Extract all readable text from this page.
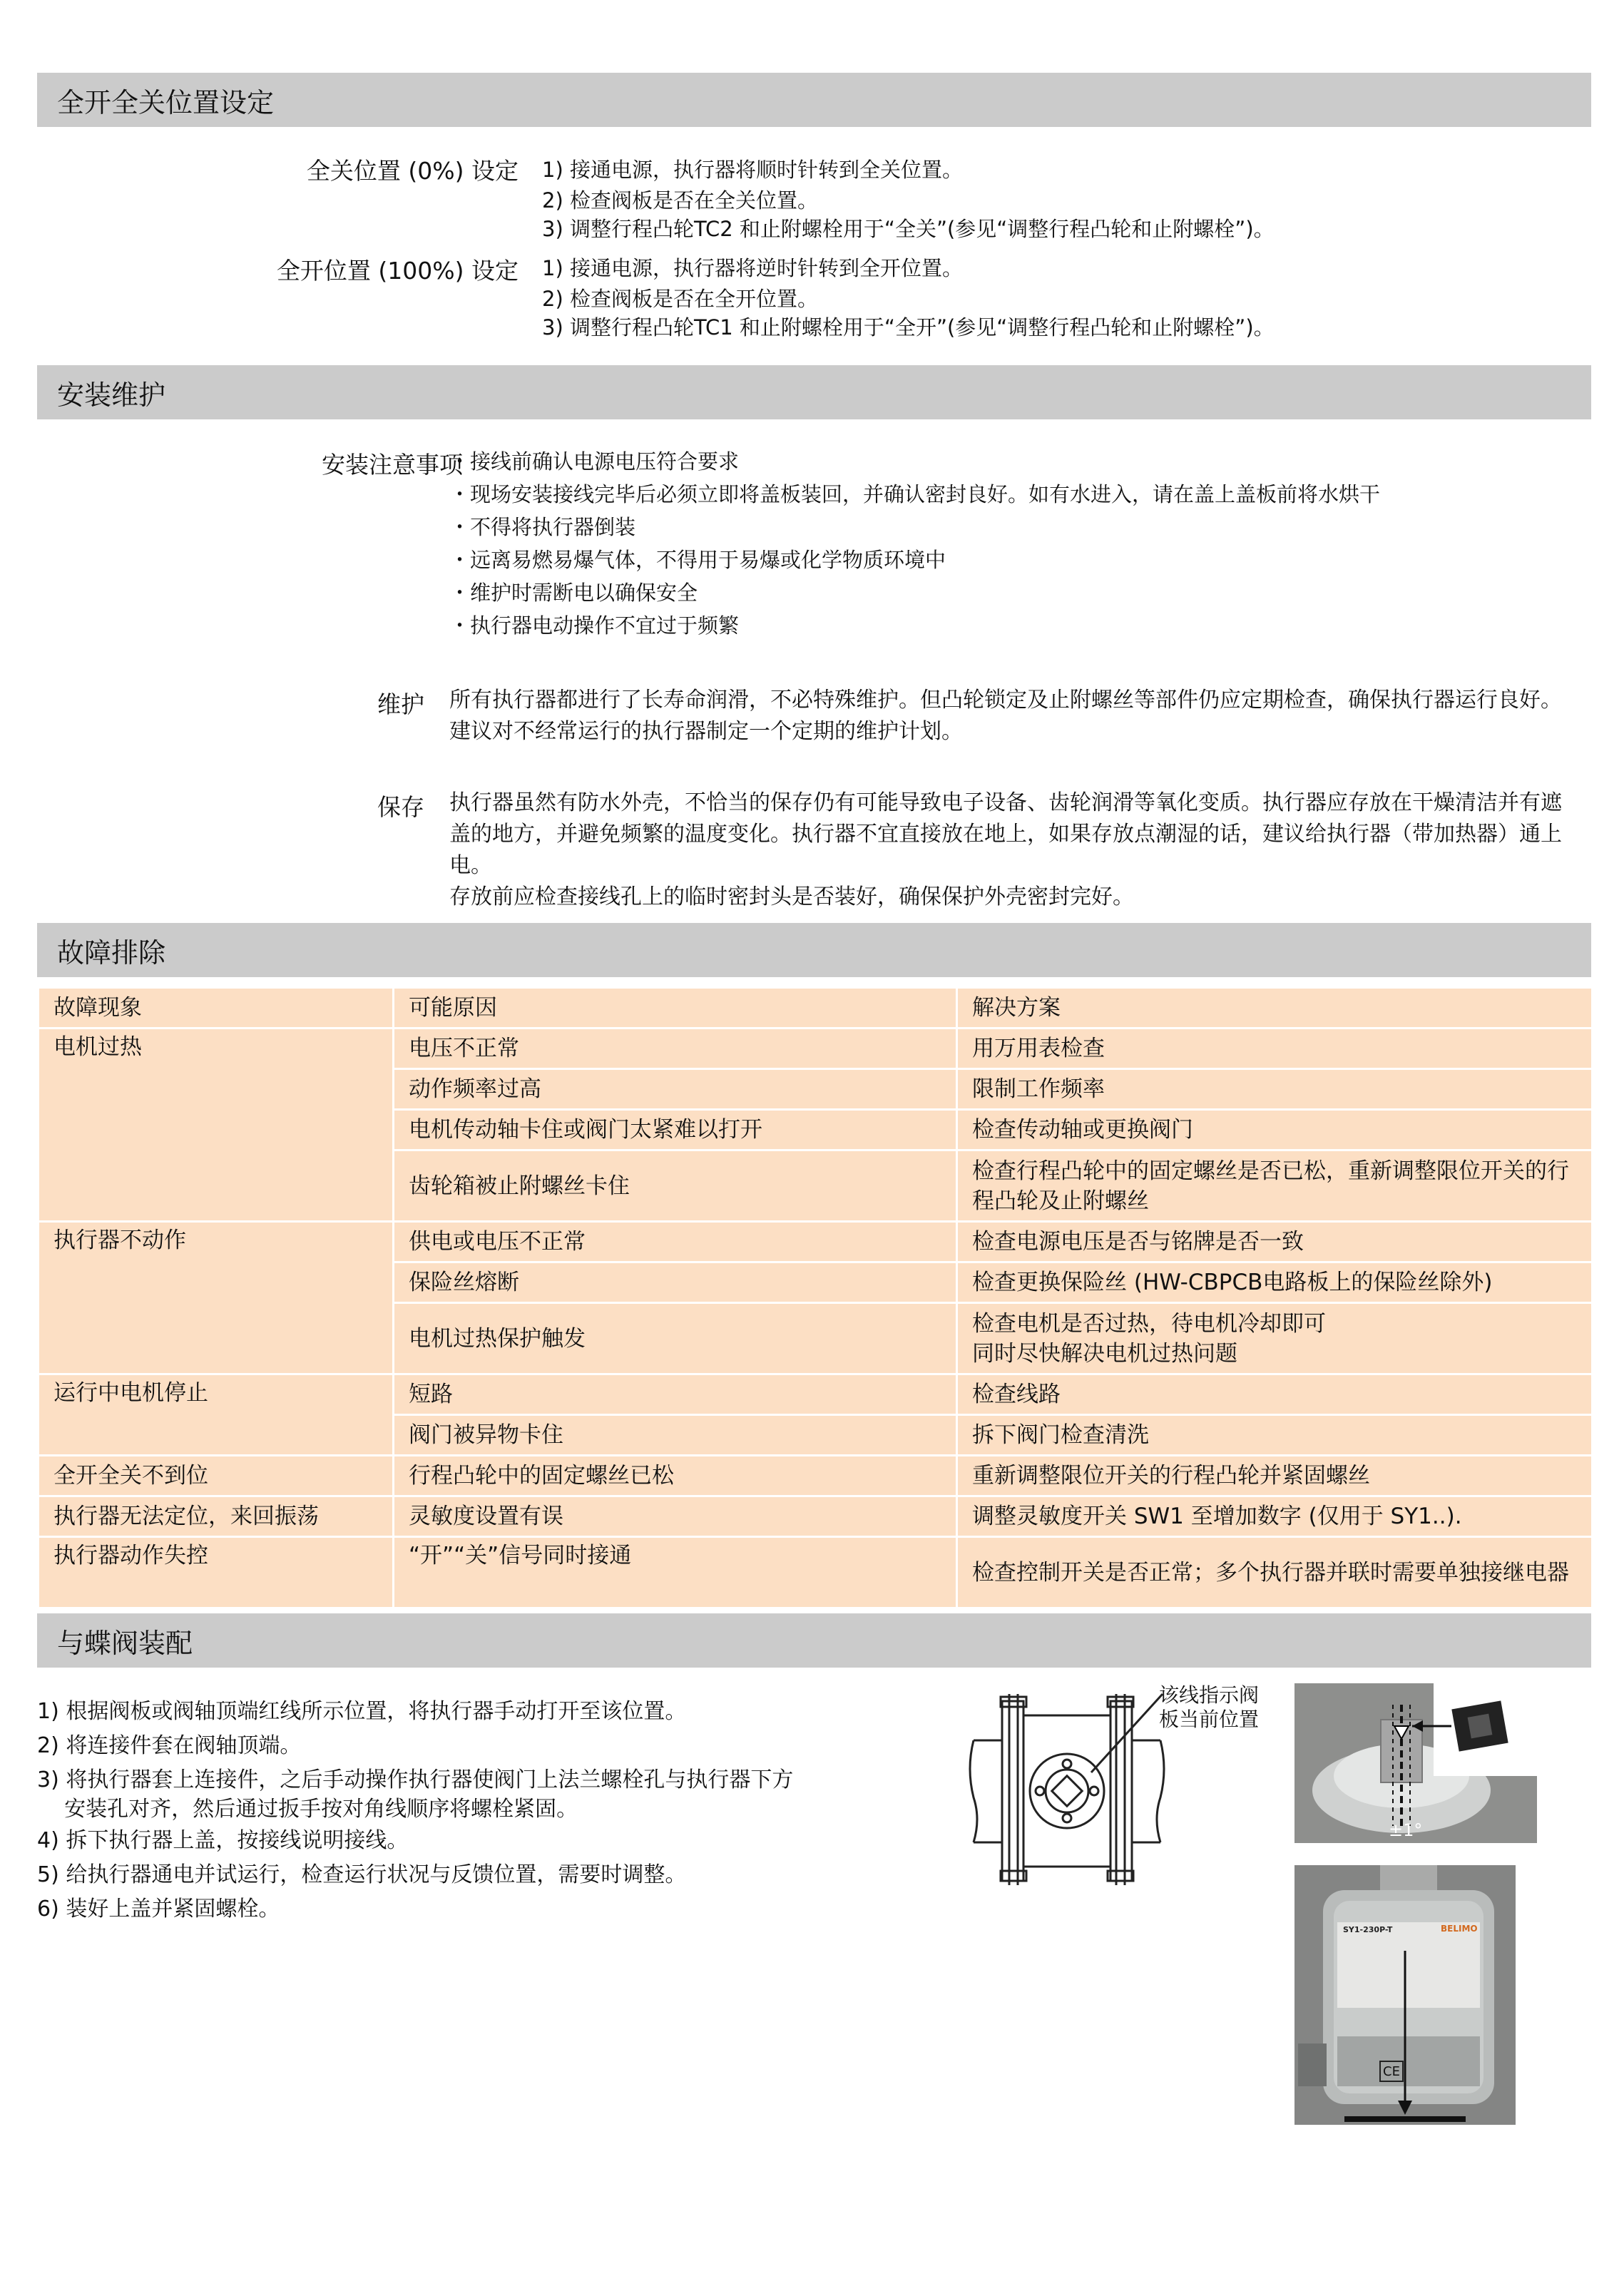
全开全关位置设定
全关位置 (0%) 设定 1) 接通电源，执行器将顺时针转到全关位置。
2) 检查阀板是否在全关位置。
3) 调整行程凸轮TC2 和止附螺栓用于“全关”(参见“调整行程凸轮和止附螺栓”)。
全开位置 (100%) 设定 1) 接通电源，执行器将逆时针转到全开位置。
2) 检查阀板是否在全开位置。
3) 调整行程凸轮TC1 和止附螺栓用于“全开”(参见“调整行程凸轮和止附螺栓”)。
安装维护
安装注意事项
・接线前确认电源电压符合要求
・现场安装接线完毕后必须立即将盖板装回，并确认密封良好。如有水进入，请在盖上盖板前将水烘干
・不得将执行器倒装
・远离易燃易爆气体，不得用于易爆或化学物质环境中
・维护时需断电以确保安全
・执行器电动操作不宜过于频繁
维护 所有执行器都进行了长寿命润滑，不必特殊维护。但凸轮锁定及止附螺丝等部件仍应定期检查，确保执行器运行良好。建议对不经常运行的执行器制定一个定期的维护计划。
保存 执行器虽然有防水外壳，不恰当的保存仍有可能导致电子设备、齿轮润滑等氧化变质。执行器应存放在干燥清洁并有遮盖的地方，并避免频繁的温度变化。执行器不宜直接放在地上，如果存放点潮湿的话，建议给执行器（带加热器）通上电。
存放前应检查接线孔上的临时密封头是否装好，确保保护外壳密封完好。
故障排除
故障现象	可能原因	解决方案
电机过热	电压不正常	用万用表检查
	动作频率过高	限制工作频率
	电机传动轴卡住或阀门太紧难以打开	检查传动轴或更换阀门
	齿轮箱被止附螺丝卡住	检查行程凸轮中的固定螺丝是否已松，重新调整限位开关的行程凸轮及止附螺丝
执行器不动作	供电或电压不正常	检查电源电压是否与铭牌是否一致
	保险丝熔断	检查更换保险丝 (HW-CBPCB电路板上的保险丝除外)
	电机过热保护触发	检查电机是否过热，待电机冷却即可
同时尽快解决电机过热问题
运行中电机停止	短路	检查线路
	阀门被异物卡住	拆下阀门检查清洗
全开全关不到位	行程凸轮中的固定螺丝已松	重新调整限位开关的行程凸轮并紧固螺丝
执行器无法定位，来回振荡	灵敏度设置有误	调整灵敏度开关 SW1 至增加数字 (仅用于 SY1..).
执行器动作失控	“开”“关”信号同时接通	检查控制开关是否正常；多个执行器并联时需要单独接继电器
与蝶阀装配
1) 根据阀板或阀轴顶端红线所示位置，将执行器手动打开至该位置。
2) 将连接件套在阀轴顶端。
3) 将执行器套上连接件，之后手动操作执行器使阀门上法兰螺栓孔与执行器下方
安装孔对齐，然后通过扳手按对角线顺序将螺栓紧固。
4) 拆下执行器上盖，按接线说明接线。
5) 给执行器通电并试运行，检查运行状况与反馈位置，需要时调整。
6) 装好上盖并紧固螺栓。
该线指示阀
板当前位置
±1°
SY1-230P-T	BELIMO
CE
